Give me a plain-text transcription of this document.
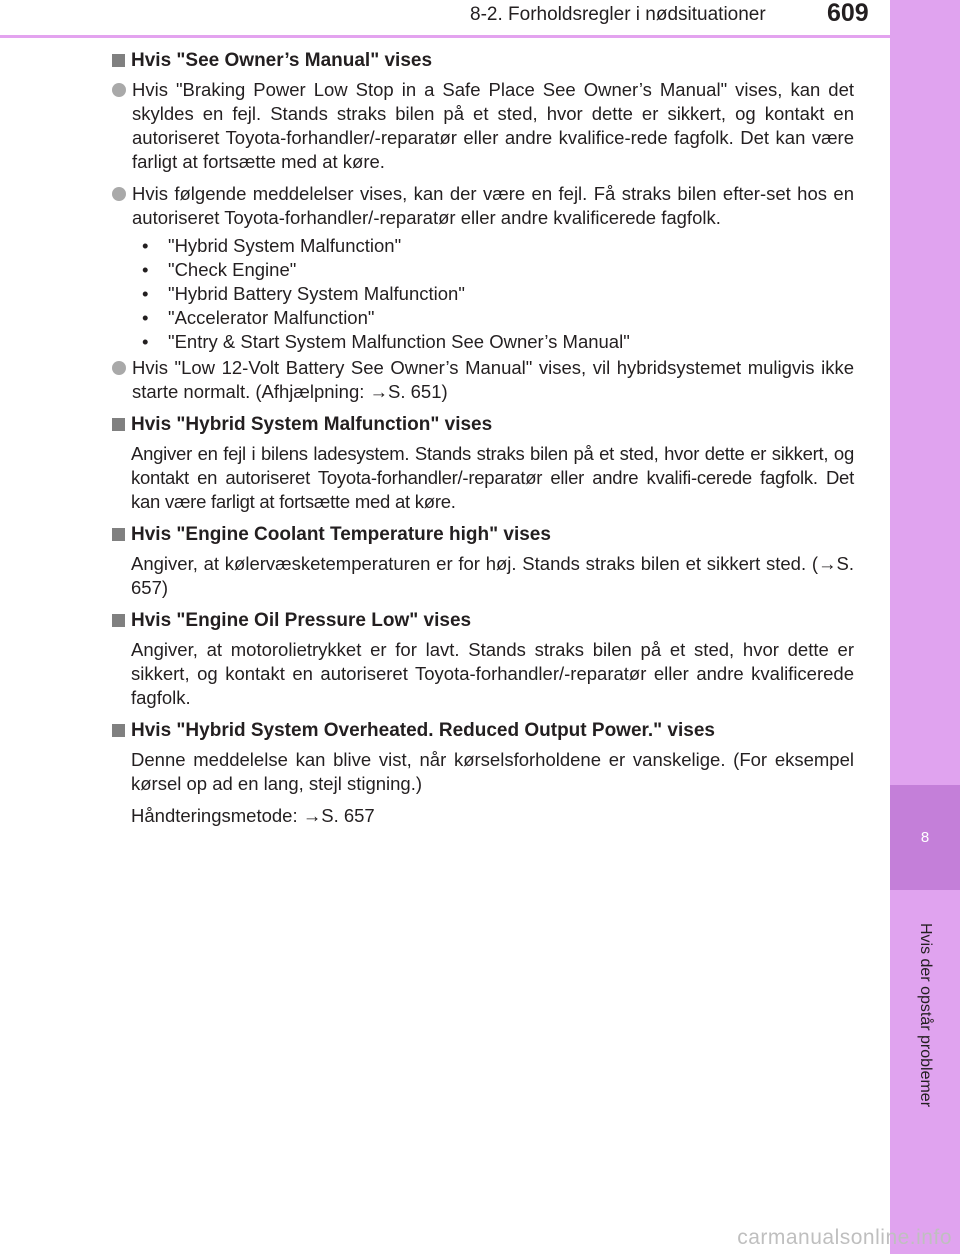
8-2. Forholdsregler i nødsituationer	609
8
Hvis der opstår problemer
Hvis "See Owner’s Manual" vises
Hvis "Braking Power Low Stop in a Safe Place See Owner’s Manual" vises, kan det skyldes en fejl. Stands straks bilen på et sted, hvor dette er sikkert, og kontakt en autoriseret Toyota-forhandler/-reparatør eller andre kvalifice-rede fagfolk. Det kan være farligt at fortsætte med at køre.
Hvis følgende meddelelser vises, kan der være en fejl. Få straks bilen efter-set hos en autoriseret Toyota-forhandler/-reparatør eller andre kvalificerede fagfolk.
• "Hybrid System Malfunction"
• "Check Engine"
• "Hybrid Battery System Malfunction"
• "Accelerator Malfunction"
• "Entry & Start System Malfunction See Owner’s Manual"
Hvis "Low 12-Volt Battery See Owner’s Manual" vises, vil hybridsystemet muligvis ikke starte normalt. (Afhjælpning: →S. 651)
Hvis "Hybrid System Malfunction" vises
Angiver en fejl i bilens ladesystem. Stands straks bilen på et sted, hvor dette er sikkert, og kontakt en autoriseret Toyota-forhandler/-reparatør eller andre kvalifi-cerede fagfolk. Det kan være farligt at fortsætte med at køre.
Hvis "Engine Coolant Temperature high" vises
Angiver, at kølervæsketemperaturen er for høj. Stands straks bilen et sikkert sted. (→S. 657)
Hvis "Engine Oil Pressure Low" vises
Angiver, at motorolietrykket er for lavt. Stands straks bilen på et sted, hvor dette er sikkert, og kontakt en autoriseret Toyota-forhandler/-reparatør eller andre kvalificerede fagfolk.
Hvis "Hybrid System Overheated. Reduced Output Power." vises
Denne meddelelse kan blive vist, når kørselsforholdene er vanskelige. (For eksempel kørsel op ad en lang, stejl stigning.)
Håndteringsmetode: →S. 657
carmanualsonline.info
